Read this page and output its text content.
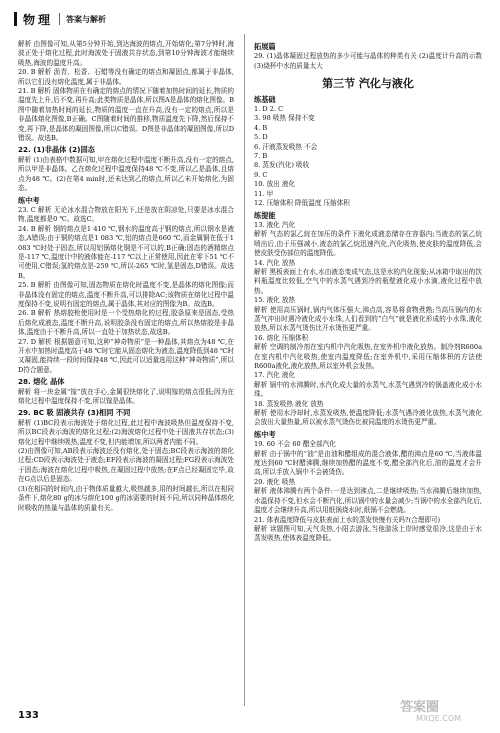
物理 答案与解析
解析 由图像可知,从第5分钟开始,到达海波的熔点,开始熔化;第7分钟时,海波正处于熔化过程,此时海波处于固液共存状态,到第10分钟海波才能继续吸热,海波的温度升高。
20. B 解析 沥青、松香、石蜡等没有确定的熔点和凝固点,都属于非晶体,所以它们没有熔化温度,属于非晶体。
21. B 解析 固体物质在有确定的熔点的情况下随着加热时间的延长,物质的温度先上升,后不变,再升高;此类物质是晶体,所以图A是晶体的熔化图像。B图中随着加热时间的延长,物质的温度一直在升高,没有一定的熔点,所以是非晶体熔化图像,B正确。C图随着时间的推移,物质温度先下降,然后保持不变,再下降,是晶体的凝固图像,所以C错误。D图是非晶体的凝固图像,所以D错误。故选B。
22. (1)非晶体 (2)固态
解析 (1)由表格中数据可知,甲在熔化过程中温度不断升高,没有一定的熔点,所以甲是非晶体。乙在熔化过程中温度保持48 ℃不变,所以乙是晶体,且熔点为48 ℃。(2)在第4 min时,还未达到乙的熔点,所以乙未开始熔化,为固态。
练中考
23. C 解析 无论冰水混合物放在阳光下,还是放在阴凉处,只要是冰水混合物,温度都是0 ℃。故选C。
24. B 解析 钢的熔点是1 410 ℃,钢水的温度高于钢的熔点,所以钢水是液态,A错误;由于铜的熔点是1 083 ℃,铝的熔点是660 ℃,而金属铜在低于1 083 ℃时处于固态,所以用铝锅熔化铜是不可以的,B正确;固态的酒精熔点是-117 ℃,温度计中的液体能在-117 ℃以上正常使用,因此在零下51 ℃不可使用,C错误;氢的熔点是-259 ℃,所以-265 ℃时,氢是固态,D错误。故选B。
25. B 解析 由图像可知,固态物质在熔化时温度不变,是晶体的熔化图像;而非晶体没有固定的熔点,温度不断升高,可以排除AC;该物质在熔化过程中温度保持不变,说明有固定的熔点,属于晶体,其对应的图像为B。故选B。
26. B 解析 热熔胶枪使用时是一个受热熔化的过程,胶条原来是固态,受热后熔化成液态,温度不断升高,说明胶条没有固定的熔点,所以热熔胶是非晶体,温度由于不断升高,所以一直处于加热状态,故选B。
27. D 解析 根据题意可知,这种“神奇物质”是一种晶体,其熔点为48 ℃,在开水中加热时温度高于48 ℃时它能从固态熔化为液态,温度降低到48 ℃时又凝固,能持续一段时间保持48 ℃,因此可以适量选用这种“神奇物质”,所以D符合题意。
28. 熔化 晶体
解析 将一块金属“镓”放在手心,金属很快熔化了,说明镓的熔点很低;因为在熔化过程中温度保持不变,所以镓是晶体。
29. BC 吸 固液共存 (3)相同 不同
解析 (1)BC段表示海波处于熔化过程,此过程中海波吸热但温度保持不变,所以BC段表示海波的熔化过程;(2)海波熔化过程中处于固液共存状态;(3)熔化过程中继续吸热,温度不变,但内能增加,所以两者内能不同。
(2)由图像可知,AB段表示海波还没有熔化,处于固态;BC段表示海波的熔化过程;CD段表示海波处于液态;EF段表示海波的凝固过程;FG段表示海波处于固态;海波在熔化过程中吸热,在凝固过程中放热;在F点已经凝固完毕,故在G点以后是固态。
(3)在相同的时间内,由于物体质量越大,吸热越多,用的时间越长,所以在相同条件下,熔化80 g的冰与熔化100 g的冰需要的时间不同,所以同种晶体熔化时吸收的热量与晶体的质量有关。
拓展篇
29. (1)晶体凝固过程放热的多少可能与晶体的种类有关 (2)温度计升高的示数 (3)烧杯中水的质量太大
第三节 汽化与液化
练基础
1. D 2. C
3. 98 吸热 保持不变
4. B
5. D
6. 汗液蒸发吸热 不会
7. B
8. 蒸发(汽化) 吸收
9. C
10. 放出 液化
11. 甲
12. 压缩体积 降低温度 压缩体积
练提能
13. 液化 汽化
解析 气态的氯乙烷在加压的条件下液化成液态储存在容器内;当液态的氯乙烷喷出后,由于压强减小,液态的氯乙烷迅速汽化,汽化吸热,使皮肤的温度降低,会使皮肤受伤部位的温度降低。
14. 汽化 放热
解析 黑板表面上有水,水由液态变成气态,这是水的汽化现象;从冰箱中取出的饮料瓶温度比较低,空气中的水蒸气遇到冷的瓶壁液化成小水滴,液化过程中放热。
15. 液化 放热
解析 使用高压锅时,锅内气体压强大,沸点高,容易将食物煮熟;当高压锅内的水蒸气冲出时遇冷液化成小水珠,人们看到的“白气”就是液化形成的小水珠,液化放热,所以水蒸气烫伤比开水烫伤更严重。
16. 熔化 压缩体积
解析 空调的制冷剂在室内机中汽化吸热,在室外机中液化放热。制冷剂R600a在室内机中汽化吸热,使室内温度降低;在室外机中,采用压缩体积的方法使R600a液化,液化放热,所以室外机会发热。
17. 汽化 液化
解析 锅中的水沸腾时,水汽化成大量的水蒸气,水蒸气遇到冷的锅盖液化成小水珠。
18. 蒸发吸热 液化 放热
解析 使用水冷却时,水蒸发吸热,使温度降低;水蒸气遇冷液化放热,水蒸气液化会放出大量热量,所以被水蒸气烫伤比被同温度的水烫伤更严重。
练中考
19. 60 不会 60 醋全部汽化
解析 由于锅中的“油”是由油和醋组成的混合液体,醋的沸点是60 ℃,当液体温度达到60 ℃时醋沸腾,继续加热醋的温度不变,醋全部汽化后,油的温度才会升高,所以手放入锅中不会被烫伤。
20. 液化 吸热
解析 液体沸腾有两个条件:一是达到沸点,二是继续吸热;当水沸腾后继续加热,水温保持不变,但水会不断汽化,所以锅中的水量会减少;当锅中的水全部汽化后,温度才会继续升高,所以用纸锅烧水时,纸锅不会燃烧。
21. 体表温度降低与皮肤表面上水的蒸发快慢有关吗?(合理即可)
解析 读题图可知,天气炎热,小阳去游泳,当他游泳上岸时感觉很冷,这是由于水蒸发吸热,使体表温度降低。
133
答案圈
MXQE.COM
